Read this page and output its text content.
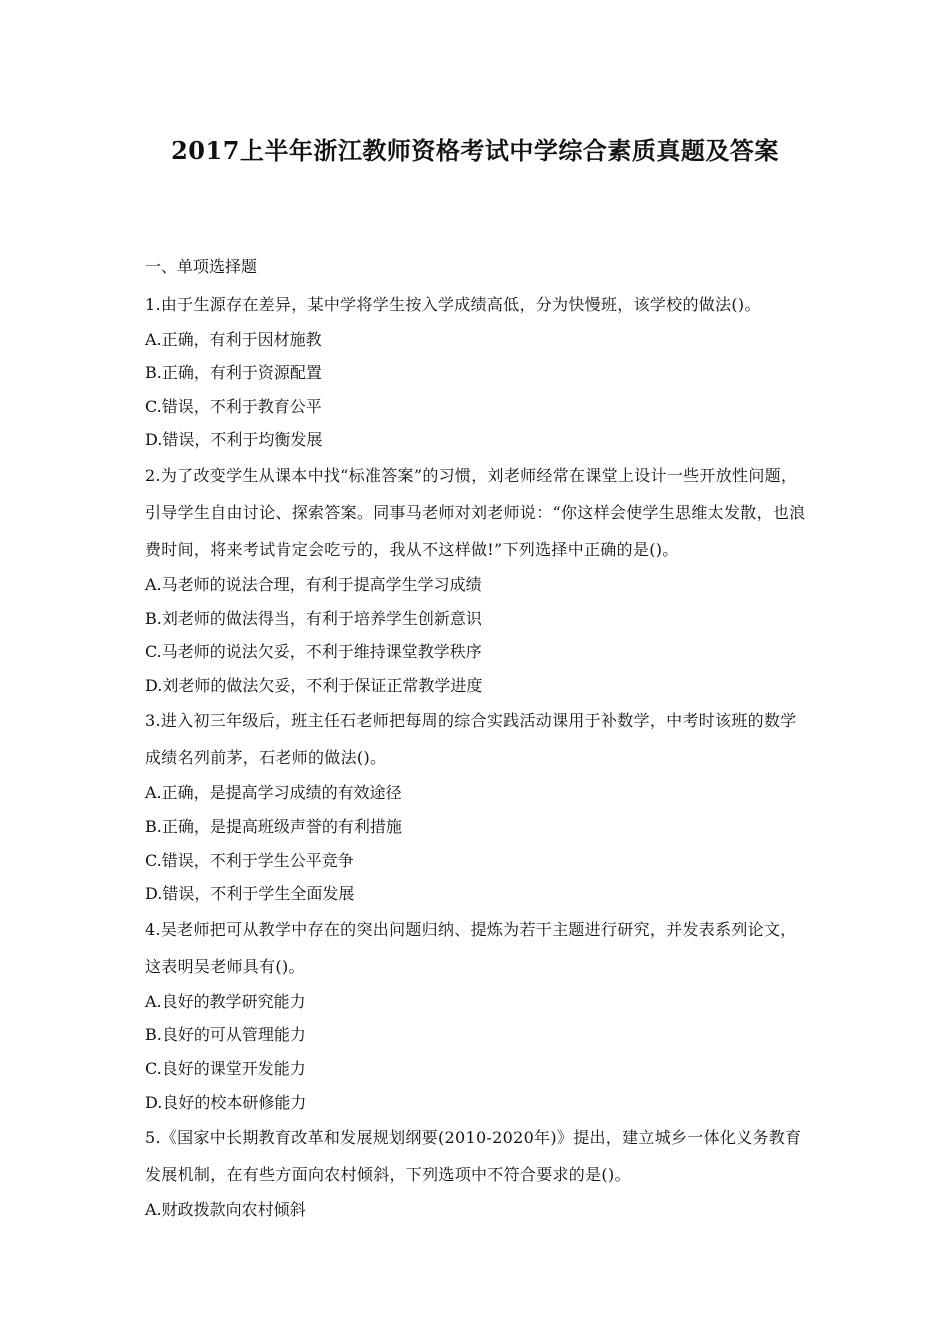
2017上半年浙江教师资格考试中学综合素质真题及答案

一、单项选择题

1.由于生源存在差异，某中学将学生按入学成绩高低，分为快慢班，该学校的做法()。

A.正确，有利于因材施教

B.正确，有利于资源配置

C.错误，不利于教育公平

D.错误，不利于均衡发展

2.为了改变学生从课本中找“标准答案”的习惯，刘老师经常在课堂上设计一些开放性问题，引导学生自由讨论、探索答案。同事马老师对刘老师说：“你这样会使学生思维太发散，也浪费时间，将来考试肯定会吃亏的，我从不这样做!”下列选择中正确的是()。

A.马老师的说法合理，有利于提高学生学习成绩

B.刘老师的做法得当，有利于培养学生创新意识

C.马老师的说法欠妥，不利于维持课堂教学秩序

D.刘老师的做法欠妥，不利于保证正常教学进度

3.进入初三年级后，班主任石老师把每周的综合实践活动课用于补数学，中考时该班的数学成绩名列前茅，石老师的做法()。

A.正确，是提高学习成绩的有效途径

B.正确，是提高班级声誉的有利措施

C.错误，不利于学生公平竞争

D.错误，不利于学生全面发展

4.吴老师把可从教学中存在的突出问题归纳、提炼为若干主题进行研究，并发表系列论文，这表明吴老师具有()。

A.良好的教学研究能力

B.良好的可从管理能力

C.良好的课堂开发能力

D.良好的校本研修能力

5.《国家中长期教育改革和发展规划纲要(2010-2020年)》提出，建立城乡一体化义务教育发展机制，在有些方面向农村倾斜，下列选项中不符合要求的是()。

A.财政拨款向农村倾斜
